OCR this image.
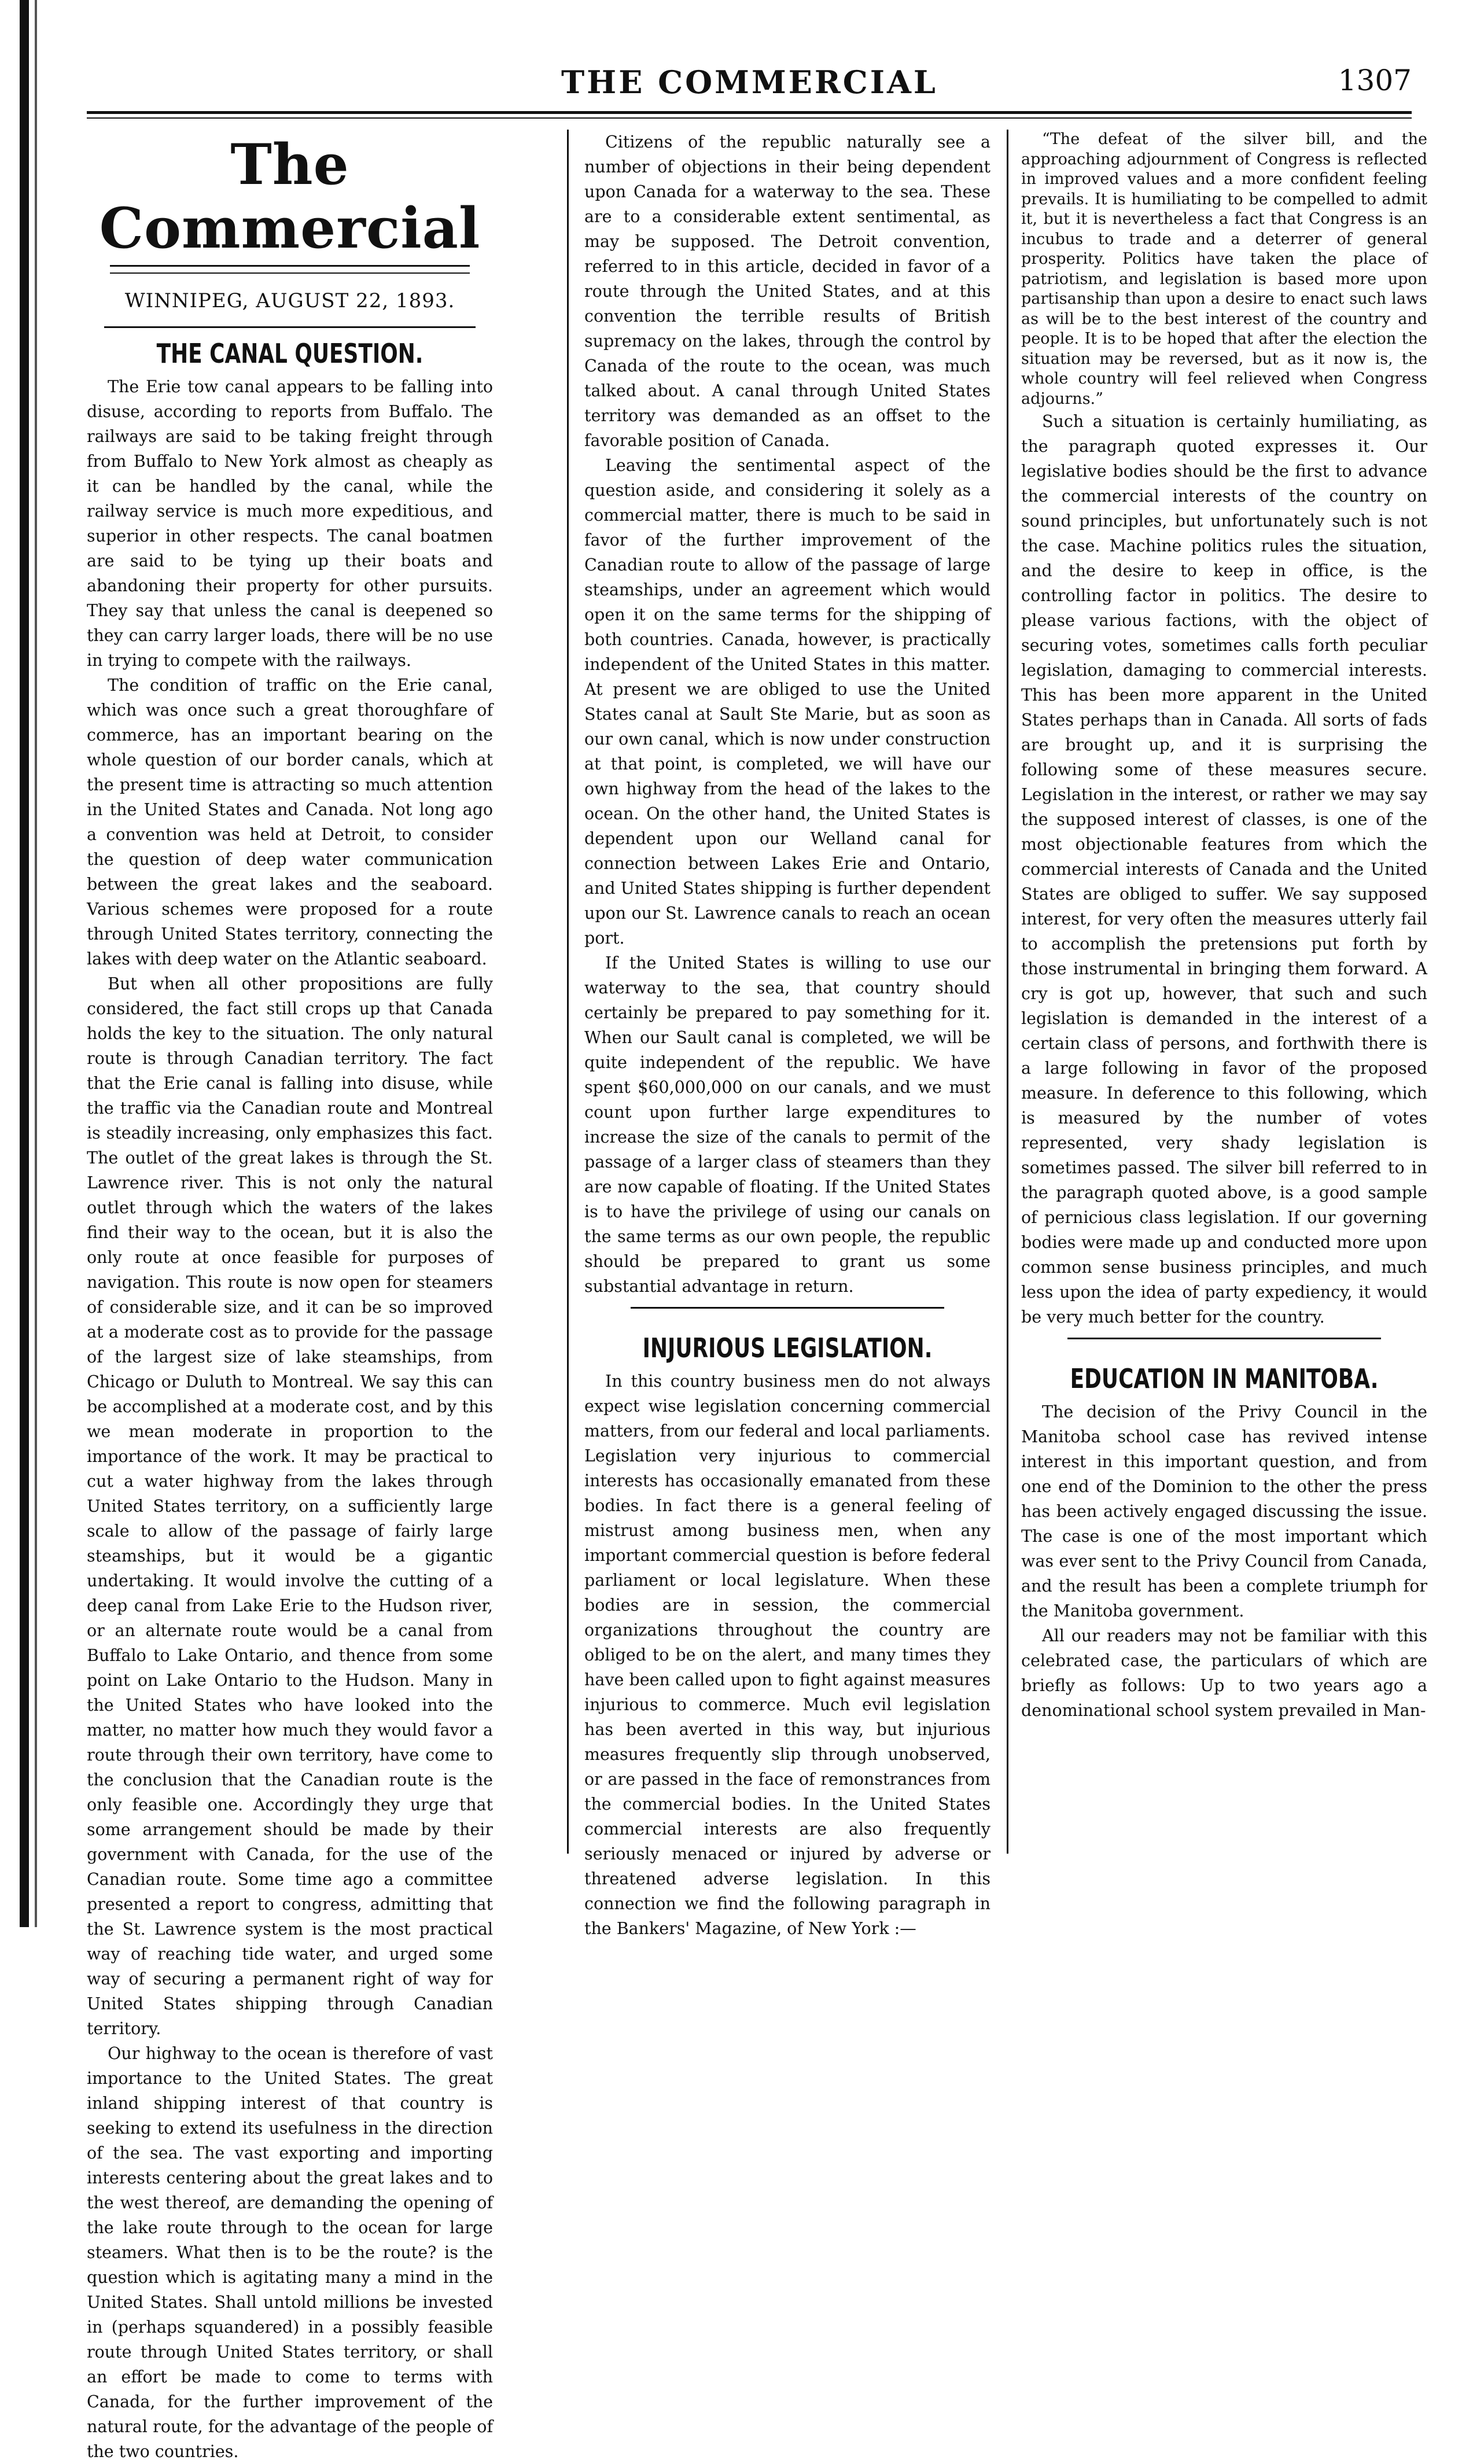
THE COMMERCIAL	1307
The Commercial
WINNIPEG, AUGUST 22, 1893.
THE CANAL QUESTION.

The Erie tow canal appears to be falling into disuse, according to reports from Buffalo. The railways are said to be taking freight through from Buffalo to New York almost as cheaply as it can be handled by the canal, while the railway service is much more expeditious, and superior in other respects. The canal boatmen are said to be tying up their boats and abandoning their property for other pursuits. They say that unless the canal is deepened so they can carry larger loads, there will be no use in trying to compete with the railways.

The condition of traffic on the Erie canal, which was once such a great thoroughfare of commerce, has an important bearing on the whole question of our border canals, which at the present time is attracting so much attention in the United States and Canada. Not long ago a convention was held at Detroit, to consider the question of deep water communication between the great lakes and the seaboard. Various schemes were proposed for a route through United States territory, connecting the lakes with deep water on the Atlantic seaboard.

But when all other propositions are fully considered, the fact still crops up that Canada holds the key to the situation. The only natural route is through Canadian territory. The fact that the Erie canal is falling into disuse, while the traffic via the Canadian route and Montreal is steadily increasing, only emphasizes this fact. The outlet of the great lakes is through the St. Lawrence river. This is not only the natural outlet through which the waters of the lakes find their way to the ocean, but it is also the only route at once feasible for purposes of navigation. This route is now open for steamers of considerable size, and it can be so improved at a moderate cost as to provide for the passage of the largest size of lake steamships, from Chicago or Duluth to Montreal. We say this can be accomplished at a moderate cost, and by this we mean moderate in proportion to the importance of the work. It may be practical to cut a water highway from the lakes through United States territory, on a sufficiently large scale to allow of the passage of fairly large steamships, but it would be a gigantic undertaking. It would involve the cutting of a deep canal from Lake Erie to the Hudson river, or an alternate route would be a canal from Buffalo to Lake Ontario, and thence from some point on Lake Ontario to the Hudson. Many in the United States who have looked into the matter, no matter how much they would favor a route through their own territory, have come to the conclusion that the Canadian route is the only feasible one. Accordingly they urge that some arrangement should be made by their government with Canada, for the use of the Canadian route. Some time ago a committee presented a report to congress, admitting that the St. Lawrence system is the most practical way of reaching tide water, and urged some way of securing a permanent right of way for United States shipping through Canadian territory.

Our highway to the ocean is therefore of vast importance to the United States. The great inland shipping interest of that country is seeking to extend its usefulness in the direction of the sea. The vast exporting and importing interests centering about the great lakes and to the west thereof, are demanding the opening of the lake route through to the ocean for large steamers. What then is to be the route? is the question which is agitating many a mind in the United States. Shall untold millions be invested in (perhaps squandered) in a possibly feasible route through United States territory, or shall an effort be made to come to terms with Canada, for the further improvement of the natural route, for the advantage of the people of the two countries.

Citizens of the republic naturally see a number of objections in their being dependent upon Canada for a waterway to the sea. These are to a considerable extent sentimental, as may be supposed. The Detroit convention, referred to in this article, decided in favor of a route through the United States, and at this convention the terrible results of British supremacy on the lakes, through the control by Canada of the route to the ocean, was much talked about. A canal through United States territory was demanded as an offset to the favorable position of Canada.

Leaving the sentimental aspect of the question aside, and considering it solely as a commercial matter, there is much to be said in favor of the further improvement of the Canadian route to allow of the passage of large steamships, under an agreement which would open it on the same terms for the shipping of both countries. Canada, however, is practically independent of the United States in this matter. At present we are obliged to use the United States canal at Sault Ste Marie, but as soon as our own canal, which is now under construction at that point, is completed, we will have our own highway from the head of the lakes to the ocean. On the other hand, the United States is dependent upon our Welland canal for connection between Lakes Erie and Ontario, and United States shipping is further dependent upon our St. Lawrence canals to reach an ocean port.

If the United States is willing to use our waterway to the sea, that country should certainly be prepared to pay something for it. When our Sault canal is completed, we will be quite independent of the republic. We have spent $60,000,000 on our canals, and we must count upon further large expenditures to increase the size of the canals to permit of the passage of a larger class of steamers than they are now capable of floating. If the United States is to have the privilege of using our canals on the same terms as our own people, the republic should be prepared to grant us some substantial advantage in return.

INJURIOUS LEGISLATION.

In this country business men do not always expect wise legislation concerning commercial matters, from our federal and local parliaments. Legislation very injurious to commercial interests has occasionally emanated from these bodies. In fact there is a general feeling of mistrust among business men, when any important commercial question is before federal parliament or local legislature. When these bodies are in session, the commercial organizations throughout the country are obliged to be on the alert, and many times they have been called upon to fight against measures injurious to commerce. Much evil legislation has been averted in this way, but injurious measures frequently slip through unobserved, or are passed in the face of remonstrances from the commercial bodies. In the United States commercial interests are also frequently seriously menaced or injured by adverse or threatened adverse legislation. In this connection we find the following paragraph in the Bankers' Magazine, of New York :—

“The defeat of the silver bill, and the approaching adjournment of Congress is reflected in improved values and a more confident feeling prevails. It is humiliating to be compelled to admit it, but it is nevertheless a fact that Congress is an incubus to trade and a deterrer of general prosperity. Politics have taken the place of patriotism, and legislation is based more upon partisanship than upon a desire to enact such laws as will be to the best interest of the country and people. It is to be hoped that after the election the situation may be reversed, but as it now is, the whole country will feel relieved when Congress adjourns.”

Such a situation is certainly humiliating, as the paragraph quoted expresses it. Our legislative bodies should be the first to advance the commercial interests of the country on sound principles, but unfortunately such is not the case. Machine politics rules the situation, and the desire to keep in office, is the controlling factor in politics. The desire to please various factions, with the object of securing votes, sometimes calls forth peculiar legislation, damaging to commercial interests. This has been more apparent in the United States perhaps than in Canada. All sorts of fads are brought up, and it is surprising the following some of these measures secure. Legislation in the interest, or rather we may say the supposed interest of classes, is one of the most objectionable features from which the commercial interests of Canada and the United States are obliged to suffer. We say supposed interest, for very often the measures utterly fail to accomplish the pretensions put forth by those instrumental in bringing them forward. A cry is got up, however, that such and such legislation is demanded in the interest of a certain class of persons, and forthwith there is a large following in favor of the proposed measure. In deference to this following, which is measured by the number of votes represented, very shady legislation is sometimes passed. The silver bill referred to in the paragraph quoted above, is a good sample of pernicious class legislation. If our governing bodies were made up and conducted more upon common sense business principles, and much less upon the idea of party expediency, it would be very much better for the country.

EDUCATION IN MANITOBA.

The decision of the Privy Council in the Manitoba school case has revived intense interest in this important question, and from one end of the Dominion to the other the press has been actively engaged discussing the issue. The case is one of the most important which was ever sent to the Privy Council from Canada, and the result has been a complete triumph for the Manitoba government.

All our readers may not be familiar with this celebrated case, the particulars of which are briefly as follows: Up to two years ago a denominational school system prevailed in Man-
